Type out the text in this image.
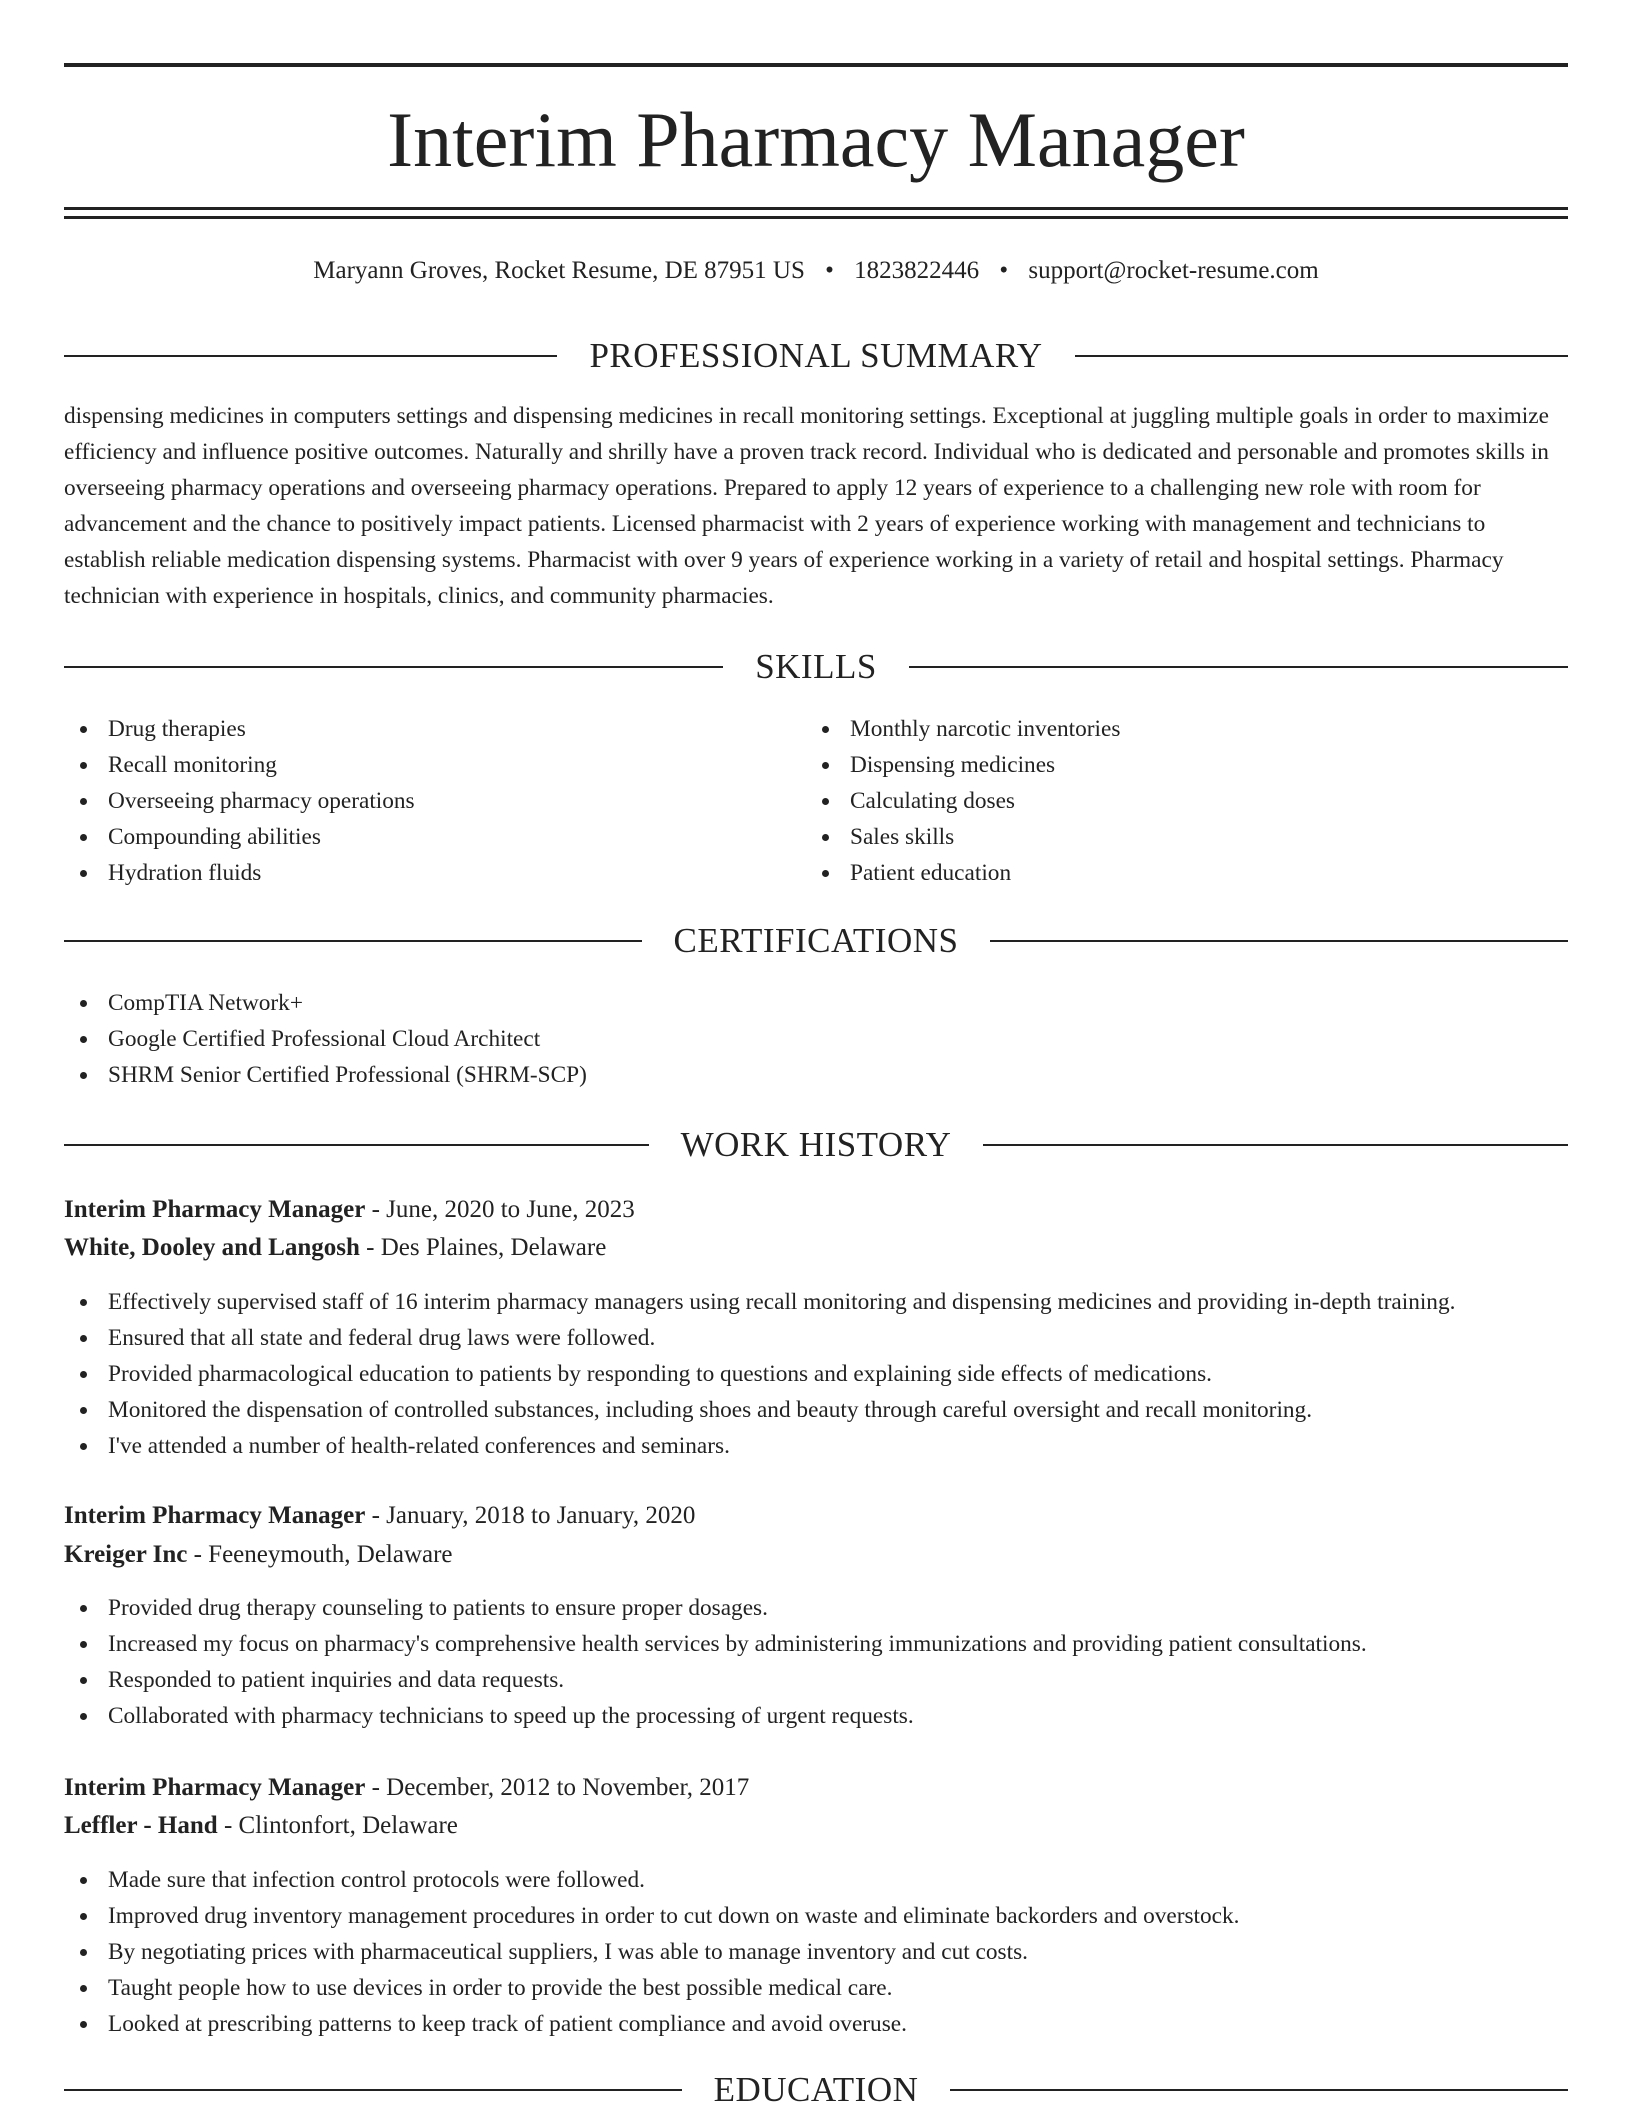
Interim Pharmacy Manager
Maryann Groves, Rocket Resume, DE 87951 US • 1823822446 • support@rocket-resume.com
PROFESSIONAL SUMMARY

dispensing medicines in computers settings and dispensing medicines in recall monitoring settings. Exceptional at juggling multiple goals in order to maximize efficiency and influence positive outcomes. Naturally and shrilly have a proven track record. Individual who is dedicated and personable and promotes skills in overseeing pharmacy operations and overseeing pharmacy operations. Prepared to apply 12 years of experience to a challenging new role with room for advancement and the chance to positively impact patients. Licensed pharmacist with 2 years of experience working with management and technicians to establish reliable medication dispensing systems. Pharmacist with over 9 years of experience working in a variety of retail and hospital settings. Pharmacy technician with experience in hospitals, clinics, and community pharmacies.

SKILLS
Drug therapies
Recall monitoring
Overseeing pharmacy operations
Compounding abilities
Hydration fluids
Monthly narcotic inventories
Dispensing medicines
Calculating doses
Sales skills
Patient education
CERTIFICATIONS
CompTIA Network+
Google Certified Professional Cloud Architect
SHRM Senior Certified Professional (SHRM-SCP)
WORK HISTORY
Interim Pharmacy Manager - June, 2020 to June, 2023
White, Dooley and Langosh - Des Plaines, Delaware
Effectively supervised staff of 16 interim pharmacy managers using recall monitoring and dispensing medicines and providing in-depth training.
Ensured that all state and federal drug laws were followed.
Provided pharmacological education to patients by responding to questions and explaining side effects of medications.
Monitored the dispensation of controlled substances, including shoes and beauty through careful oversight and recall monitoring.
I've attended a number of health-related conferences and seminars.
Interim Pharmacy Manager - January, 2018 to January, 2020
Kreiger Inc - Feeneymouth, Delaware
Provided drug therapy counseling to patients to ensure proper dosages.
Increased my focus on pharmacy's comprehensive health services by administering immunizations and providing patient consultations.
Responded to patient inquiries and data requests.
Collaborated with pharmacy technicians to speed up the processing of urgent requests.
Interim Pharmacy Manager - December, 2012 to November, 2017
Leffler - Hand - Clintonfort, Delaware
Made sure that infection control protocols were followed.
Improved drug inventory management procedures in order to cut down on waste and eliminate backorders and overstock.
By negotiating prices with pharmaceutical suppliers, I was able to manage inventory and cut costs.
Taught people how to use devices in order to provide the best possible medical care.
Looked at prescribing patterns to keep track of patient compliance and avoid overuse.
EDUCATION
